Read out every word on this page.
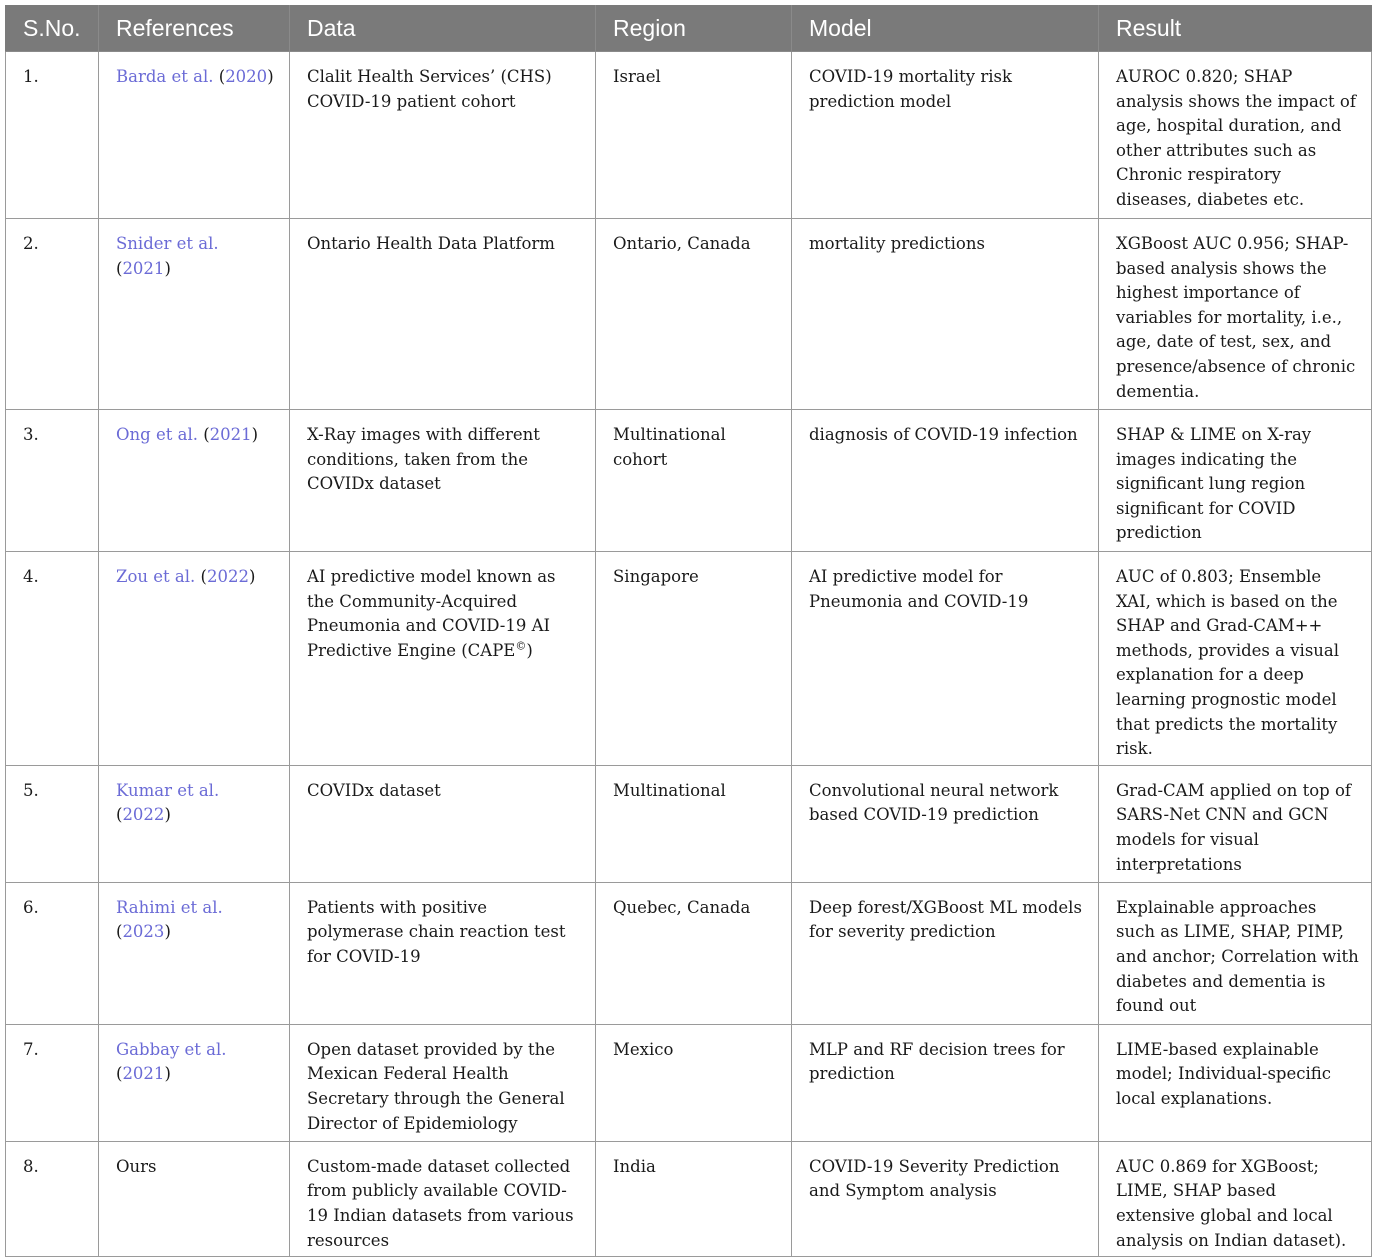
S.No.	References	Data	Region	Model	Result
1.	Barda et al. (2020)	Clalit Health Services’ (CHS) COVID-19 patient cohort	Israel	COVID-19 mortality risk prediction model	AUROC 0.820; SHAP analysis shows the impact of age, hospital duration, and other attributes such as Chronic respiratory diseases, diabetes etc.
2.	Snider et al. (2021)	Ontario Health Data Platform	Ontario, Canada	mortality predictions	XGBoost AUC 0.956; SHAP-based analysis shows the highest importance of variables for mortality, i.e., age, date of test, sex, and presence/absence of chronic dementia.
3.	Ong et al. (2021)	X-Ray images with different conditions, taken from the COVIDx dataset	Multinational cohort	diagnosis of COVID-19 infection	SHAP & LIME on X-ray images indicating the significant lung region significant for COVID prediction
4.	Zou et al. (2022)	AI predictive model known as the Community-Acquired Pneumonia and COVID-19 AI Predictive Engine (CAPE©)	Singapore	AI predictive model for Pneumonia and COVID-19	AUC of 0.803; Ensemble XAI, which is based on the SHAP and Grad-CAM++ methods, provides a visual explanation for a deep learning prognostic model that predicts the mortality risk.
5.	Kumar et al. (2022)	COVIDx dataset	Multinational	Convolutional neural network based COVID-19 prediction	Grad-CAM applied on top of SARS-Net CNN and GCN models for visual interpretations
6.	Rahimi et al. (2023)	Patients with positive polymerase chain reaction test for COVID-19	Quebec, Canada	Deep forest/XGBoost ML models for severity prediction	Explainable approaches such as LIME, SHAP, PIMP, and anchor; Correlation with diabetes and dementia is found out
7.	Gabbay et al. (2021)	Open dataset provided by the Mexican Federal Health Secretary through the General Director of Epidemiology	Mexico	MLP and RF decision trees for prediction	LIME-based explainable model; Individual-specific local explanations.
8.	Ours	Custom-made dataset collected from publicly available COVID-19 Indian datasets from various resources	India	COVID-19 Severity Prediction and Symptom analysis	AUC 0.869 for XGBoost; LIME, SHAP based extensive global and local analysis on Indian dataset).
